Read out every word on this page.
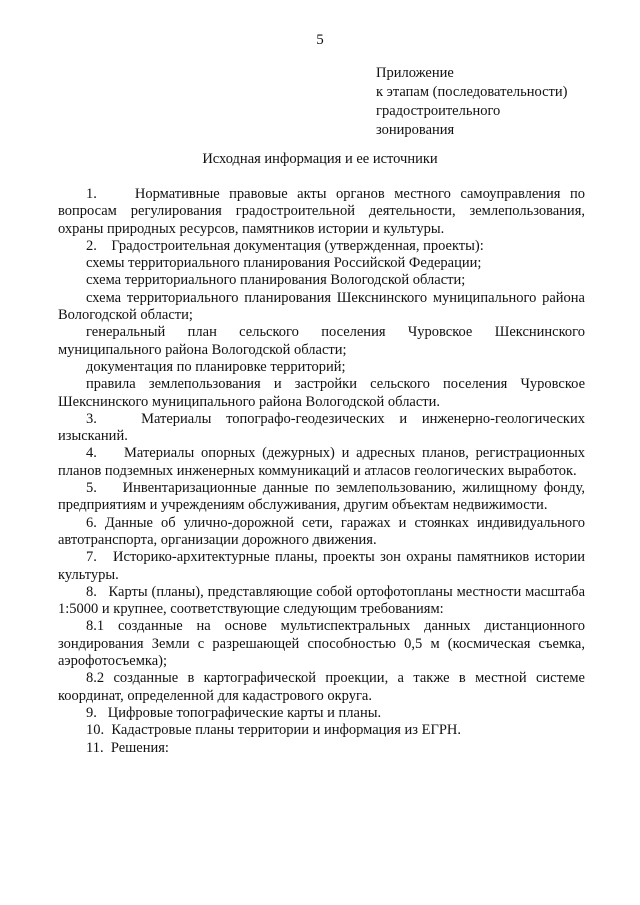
5
Приложение
к этапам (последовательности)
градостроительного
зонирования
Исходная информация и ее источники

1.    Нормативные правовые акты органов местного самоуправления по вопросам регулирования градостроительной деятельности, землепользования, охраны природных ресурсов, памятников истории и культуры.

2.    Градостроительная документация (утвержденная, проекты):

схемы территориального планирования Российской Федерации;

схема территориального планирования Вологодской области;

схема территориального планирования Шекснинского муниципального района Вологодской области;

генеральный план сельского поселения Чуровское Шекснинского муниципального района Вологодской области;

документация по планировке территорий;

правила землепользования и застройки сельского поселения Чуровское Шекснинского муниципального района Вологодской области.

3.   Материалы топографо-геодезических и инженерно-геологических изысканий.

4.    Материалы опорных (дежурных) и адресных планов, регистрационных планов подземных инженерных коммуникаций и атласов геологических выработок.

5.    Инвентаризационные данные по землепользованию, жилищному фонду, предприятиям и учреждениям обслуживания, другим объектам недвижимости.

6. Данные об улично-дорожной сети, гаражах и стоянках индивидуального автотранспорта, организации дорожного движения.

7.   Историко-архитектурные планы, проекты зон охраны памятников истории культуры.

8.   Карты (планы), представляющие собой ортофотопланы местности масштаба 1:5000 и крупнее, соответствующие следующим требованиям:

8.1 созданные на основе мультиспектральных данных дистанционного зондирования Земли с разрешающей способностью 0,5 м (космическая съемка, аэрофотосъемка);

8.2 созданные в картографической проекции, а также в местной системе координат, определенной для кадастрового округа.

9.   Цифровые топографические карты и планы.

10.  Кадастровые планы территории и информация из ЕГРН.

11.  Решения:
